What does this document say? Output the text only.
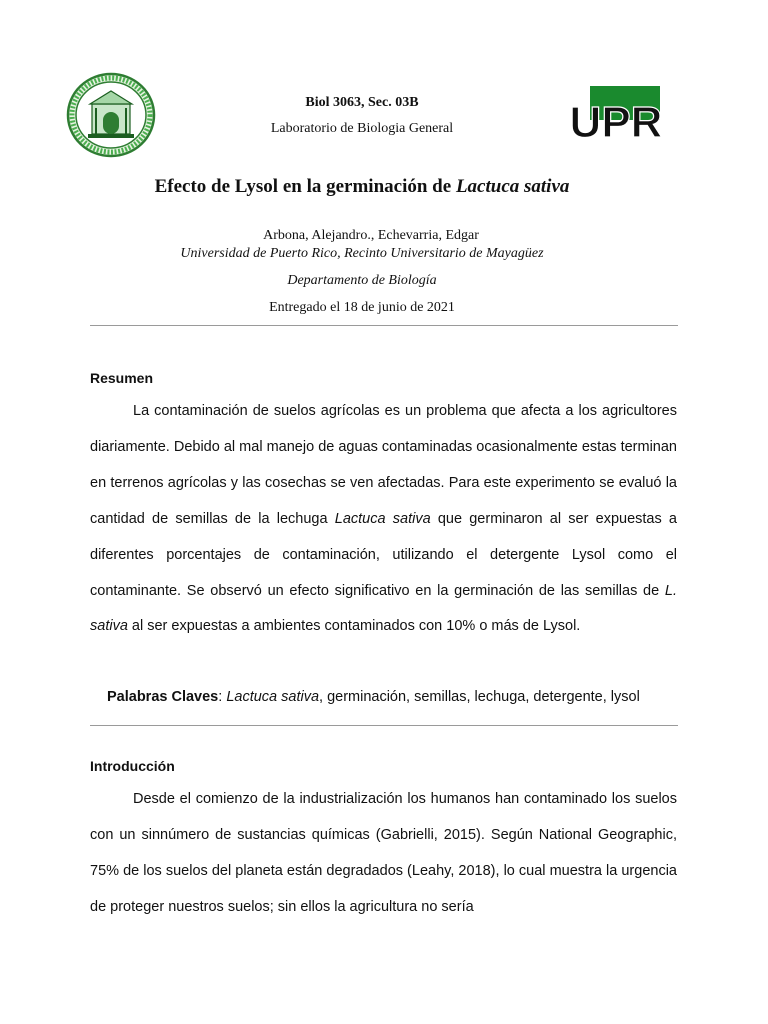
UPR
Biol 3063, Sec. 03B
Laboratorio de Biologia General
Efecto de Lysol en la germinación de Lactuca sativa
Arbona, Alejandro., Echevarria, Edgar
Universidad de Puerto Rico, Recinto Universitario de Mayagüez
Departamento de Biología
Entregado el 18 de junio de 2021
Resumen

La contaminación de suelos agrícolas es un problema que afecta a los agricultores diariamente. Debido al mal manejo de aguas contaminadas ocasionalmente estas terminan en terrenos agrícolas y las cosechas se ven afectadas. Para este experimento se evaluó la cantidad de semillas de la lechuga Lactuca sativa que germinaron al ser expuestas a diferentes porcentajes de contaminación, utilizando el detergente Lysol como el contaminante. Se observó un efecto significativo en la germinación de las semillas de L. sativa al ser expuestas a ambientes contaminados con 10% o más de Lysol.

Palabras Claves: Lactuca sativa, germinación, semillas, lechuga, detergente, lysol
Introducción

Desde el comienzo de la industrialización los humanos han contaminado los suelos con un sinnúmero de sustancias químicas (Gabrielli, 2015). Según National Geographic, 75% de los suelos del planeta están degradados (Leahy, 2018), lo cual muestra la urgencia de proteger nuestros suelos; sin ellos la agricultura no sería
